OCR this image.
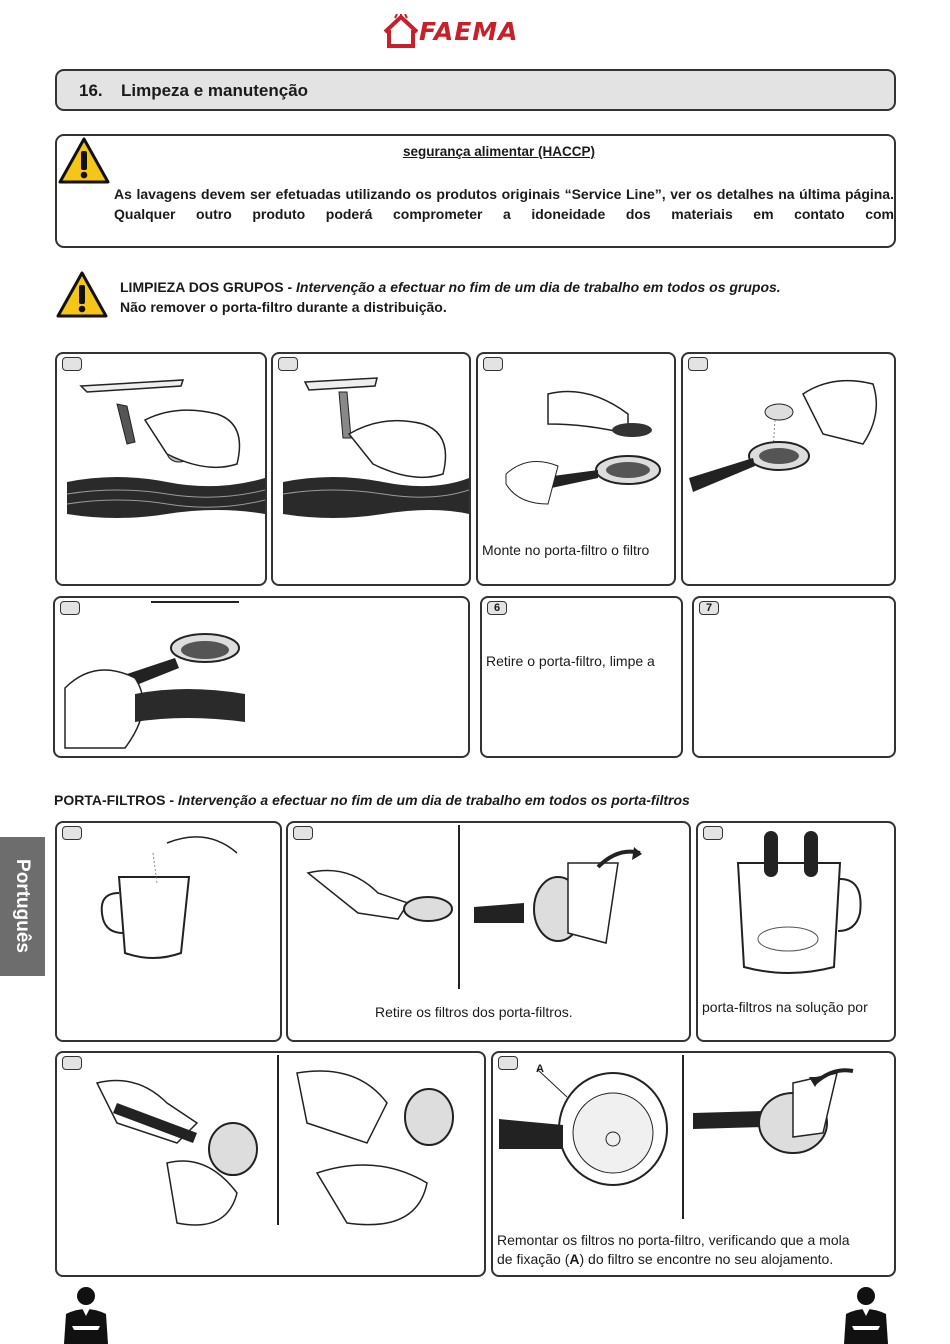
FAEMA
16. Limpeza e manutenção
segurança alimentar (HACCP)
As lavagens devem ser efetuadas utilizando os produtos originais “Service Line”, ver os detalhes na última página. Qualquer outro produto poderá comprometer a idoneidade dos materiais em contato com
LIMPIEZA DOS GRUPOS - Intervenção a efectuar no fim de um dia de trabalho em todos os grupos.
Não remover o porta-filtro durante a distribuição.
Monte no porta-filtro o filtro
6
Retire o porta-filtro, limpe a
7
PORTA-FILTROS - Intervenção a efectuar no fim de um dia de trabalho em todos os porta-filtros
Retire os filtros dos porta-filtros.	porta-filtros na solução por
A
Remontar os filtros no porta-filtro, verificando que a mola
de fixação (A) do filtro se encontre no seu alojamento.
Português
